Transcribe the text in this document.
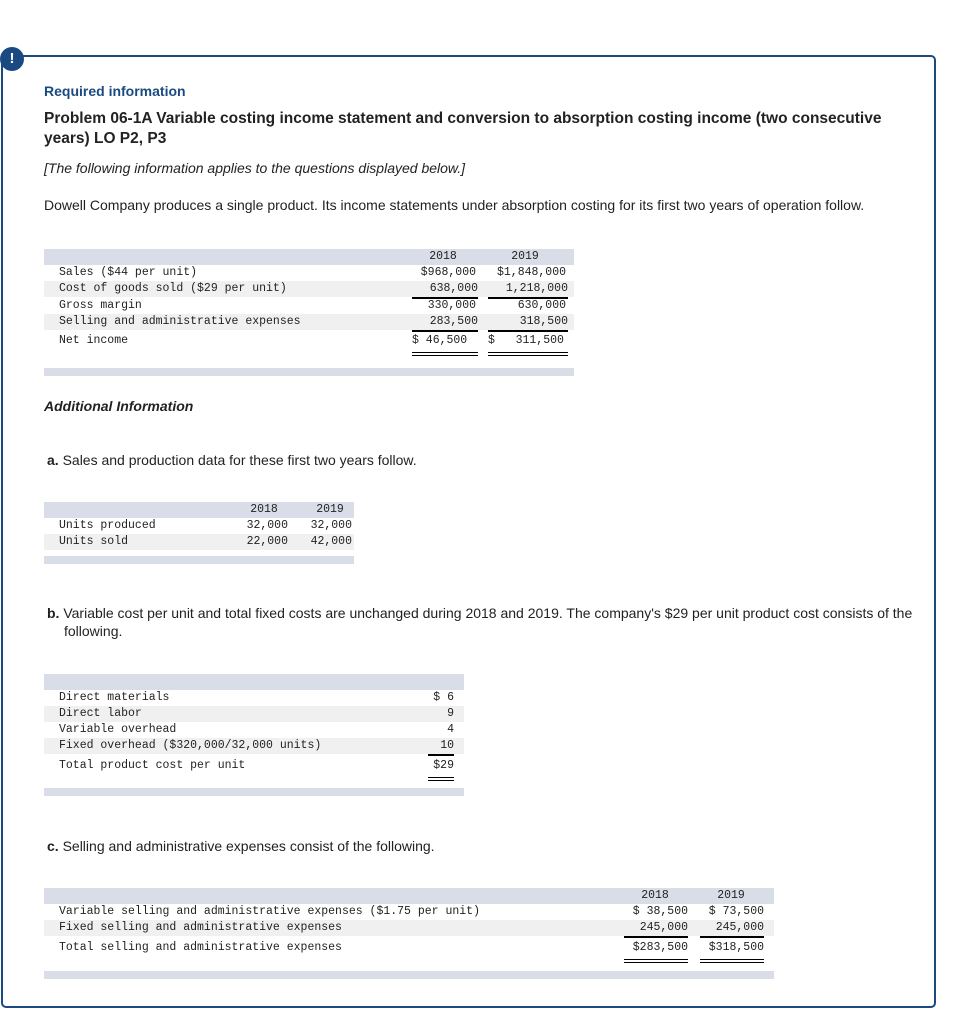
!
Required information
Problem 06-1A Variable costing income statement and conversion to absorption costing income (two consecutive years) LO P2, P3
[The following information applies to the questions displayed below.]
Dowell Company produces a single product. Its income statements under absorption costing for its first two years of operation follow.
2018	2019
Sales ($44 per unit)	$968,000 $1,848,000
Cost of goods sold ($29 per unit)	638,000	1,218,000
Gross margin	330,000	630,000
Selling and administrative expenses	283,500	318,500
Net income	$ 46,500	$   311,500
Additional Information
a. Sales and production data for these first two years follow.
2018	2019
Units produced	32,000 32,000
Units sold	22,000 42,000
b. Variable cost per unit and total fixed costs are unchanged during 2018 and 2019. The company's $29 per unit product cost consists of the following.
Direct materials	$ 6
Direct labor	9
Variable overhead	4
Fixed overhead ($320,000/32,000 units)	10
Total product cost per unit	$29
c. Selling and administrative expenses consist of the following.
2018	2019
Variable selling and administrative expenses ($1.75 per unit)	$ 38,500 $ 73,500
Fixed selling and administrative expenses	245,000	245,000
Total selling and administrative expenses	$283,500	$318,500
